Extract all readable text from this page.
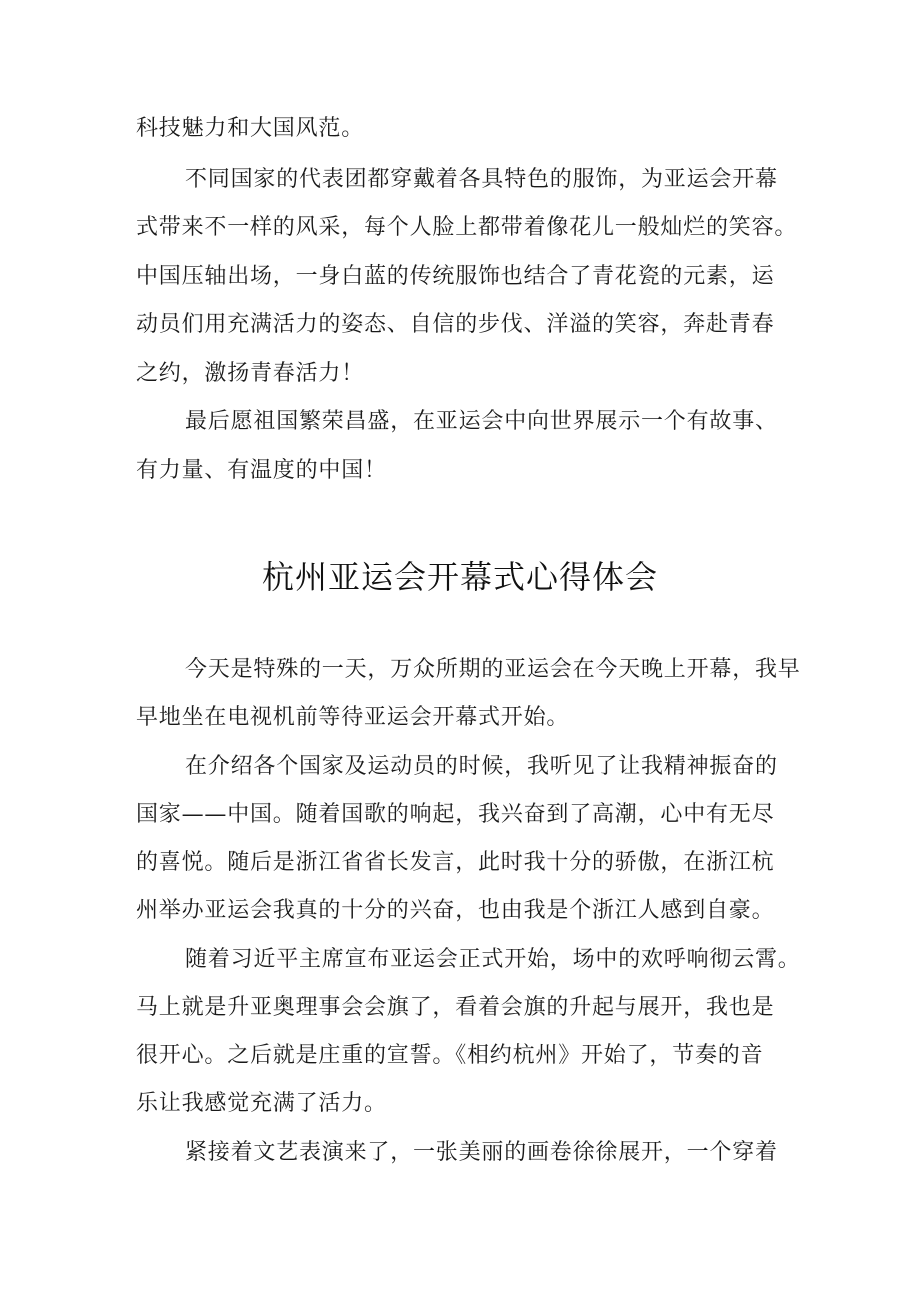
科技魅力和大国风范。
不同国家的代表团都穿戴着各具特色的服饰，为亚运会开幕
式带来不一样的风采，每个人脸上都带着像花儿一般灿烂的笑容。
中国压轴出场，一身白蓝的传统服饰也结合了青花瓷的元素，运
动员们用充满活力的姿态、自信的步伐、洋溢的笑容，奔赴青春
之约，激扬青春活力！
最后愿祖国繁荣昌盛，在亚运会中向世界展示一个有故事、
有力量、有温度的中国！
杭州亚运会开幕式心得体会
今天是特殊的一天，万众所期的亚运会在今天晚上开幕，我早
早地坐在电视机前等待亚运会开幕式开始。
在介绍各个国家及运动员的时候，我听见了让我精神振奋的
国家——中国。随着国歌的响起，我兴奋到了高潮，心中有无尽
的喜悦。随后是浙江省省长发言，此时我十分的骄傲，在浙江杭
州举办亚运会我真的十分的兴奋，也由我是个浙江人感到自豪。
随着习近平主席宣布亚运会正式开始，场中的欢呼响彻云霄。
马上就是升亚奥理事会会旗了，看着会旗的升起与展开，我也是
很开心。之后就是庄重的宣誓。《相约杭州》开始了，节奏的音
乐让我感觉充满了活力。
紧接着文艺表演来了，一张美丽的画卷徐徐展开，一个穿着
